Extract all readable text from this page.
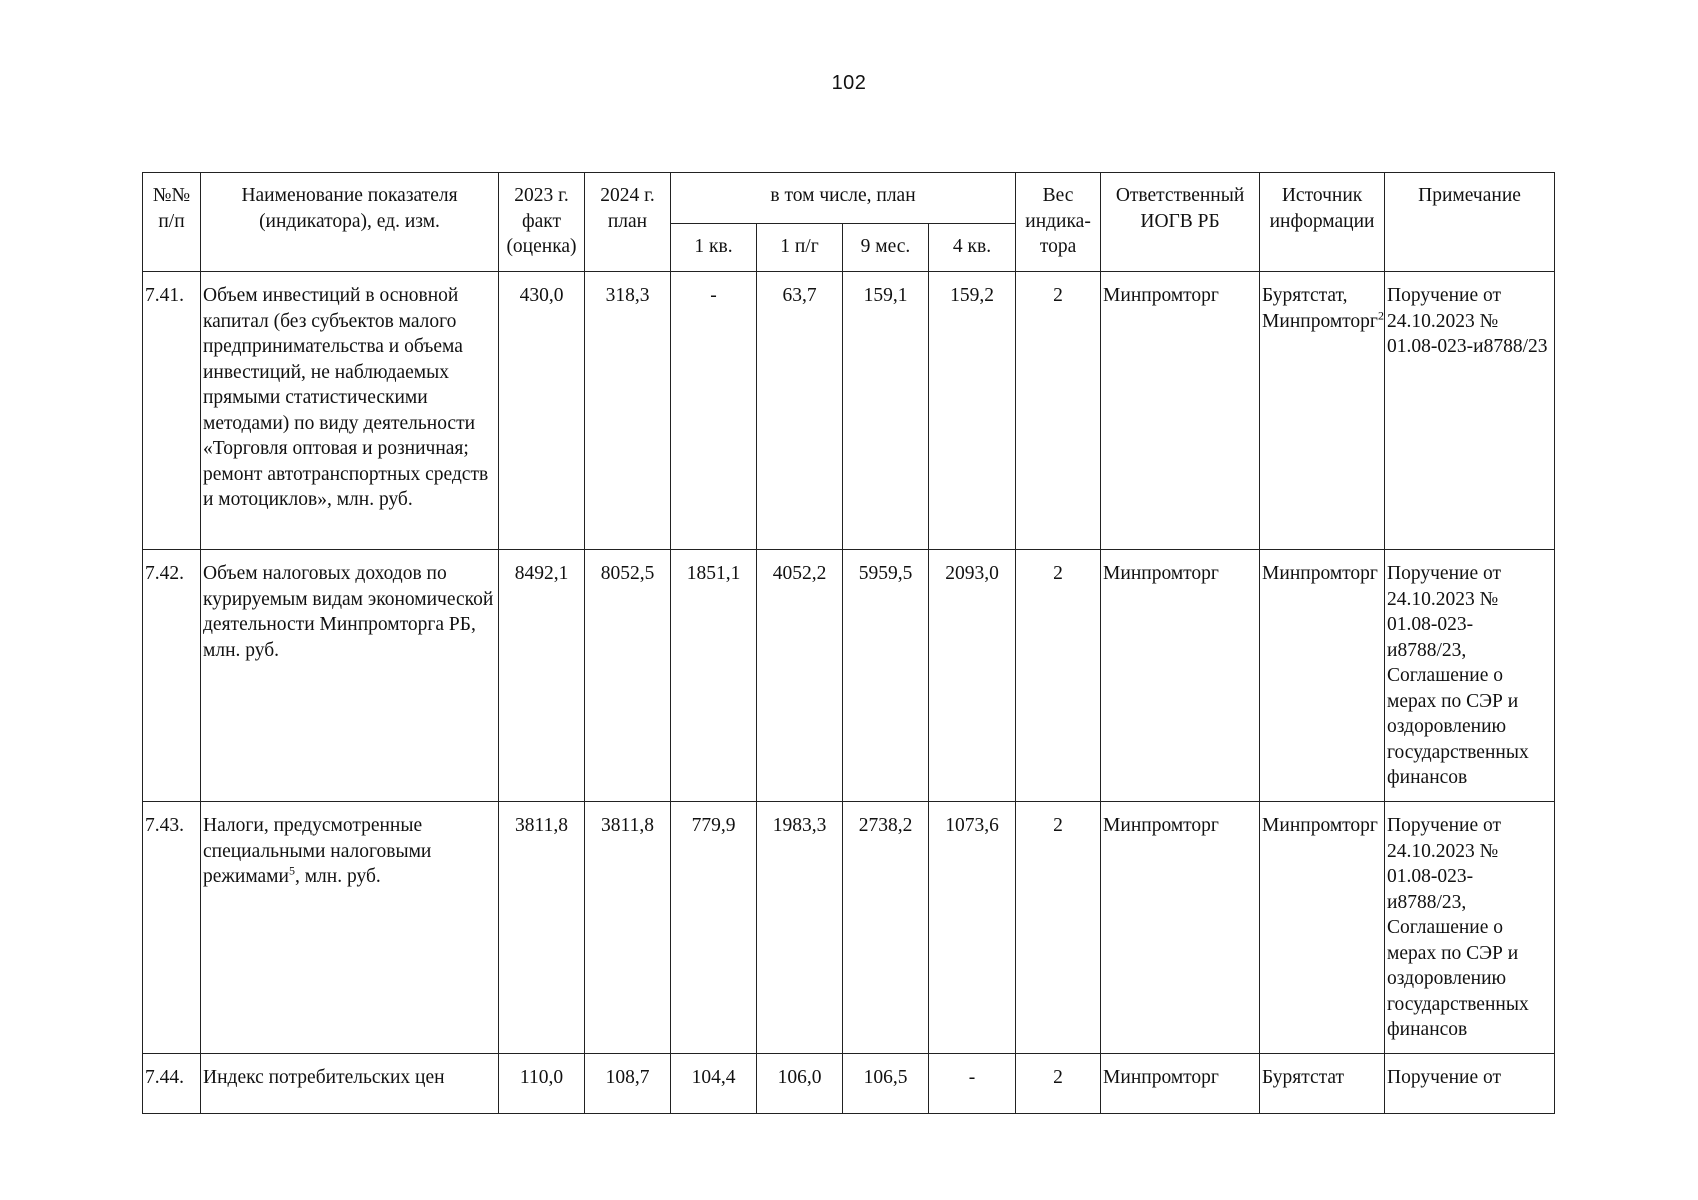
102
№№ п/п	Наименование показателя (индикатора), ед. изм.	2023 г. факт (оценка)	2024 г. план	в том числе, план				Вес индика-тора	Ответственный ИОГВ РБ	Источник информации	Примечание
				1 кв.	1 п/г	9 мес.	4 кв.				
7.41.	Объем инвестиций в основной капитал (без субъектов малого предпринимательства и объема инвестиций, не наблюдаемых прямыми статистическими методами) по виду деятельности «Торговля оптовая и розничная; ремонт автотранспортных средств и мотоциклов», млн. руб.	430,0	318,3	-	63,7	159,1	159,2	2	Минпромторг	Бурятстат, Минпромторг$^2$	Поручение от 24.10.2023 № 01.08-023-и8788/23
7.42.	Объем налоговых доходов по курируемым видам экономической деятельности Минпромторга РБ, млн. руб.	8492,1	8052,5	1851,1	4052,2	5959,5	2093,0	2	Минпромторг	Минпромторг	Поручение от 24.10.2023 № 01.08-023-и8788/23, Соглашение о мерах по СЭР и оздоровлению государственных финансов
7.43.	Налоги, предусмотренные специальными налоговыми режимами$^5$, млн. руб.	3811,8	3811,8	779,9	1983,3	2738,2	1073,6	2	Минпромторг	Минпромторг	Поручение от 24.10.2023 № 01.08-023-и8788/23, Соглашение о мерах по СЭР и оздоровлению государственных финансов
7.44.	Индекс потребительских цен	110,0	108,7	104,4	106,0	106,5	-	2	Минпромторг	Бурятстат	Поручение от
